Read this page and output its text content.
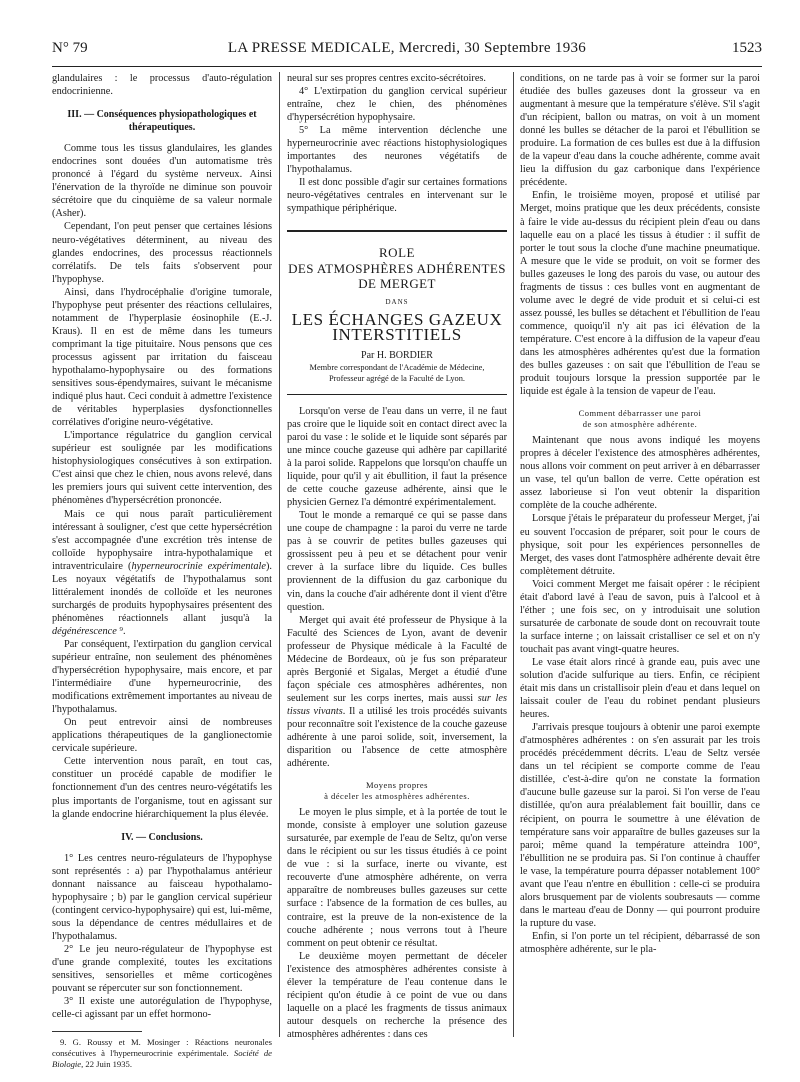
N° 79	LA PRESSE MEDICALE, Mercredi, 30 Septembre 1936	1523

glandulaires : le processus d'auto-régulation endocrinienne.

III. — Conséquences physiopathologiques et thérapeutiques.

Comme tous les tissus glandulaires, les glandes endocrines sont douées d'un automatisme très prononcé à l'égard du système nerveux. Ainsi l'énervation de la thyroïde ne diminue son pouvoir sécrétoire que du cinquième de sa valeur normale (Asher).

Cependant, l'on peut penser que certaines lésions neuro-végétatives déterminent, au niveau des glandes endocrines, des processus réactionnels corrélatifs. De tels faits s'observent pour l'hypophyse.

Ainsi, dans l'hydrocéphalie d'origine tumorale, l'hypophyse peut présenter des réactions cellulaires, notamment de l'hyperplasie éosinophile (E.-J. Kraus). Il en est de même dans les tumeurs comprimant la tige pituitaire. Nous pensons que ces processus agissent par irritation du faisceau hypothalamo-hypophysaire ou des formations sensitives sous-épendymaires, suivant le mécanisme indiqué plus haut. Ceci conduit à admettre l'existence de véritables hyperplasies dysfonctionnelles corrélatives d'origine neuro-végétative.

L'importance régulatrice du ganglion cervical supérieur est soulignée par les modifications histophysiologiques consécutives à son extirpation. C'est ainsi que chez le chien, nous avons relevé, dans les premiers jours qui suivent cette intervention, des phénomènes d'hypersécrétion prononcée.

Mais ce qui nous paraît particulièrement intéressant à souligner, c'est que cette hypersécrétion s'est accompagnée d'une excrétion très intense de colloïde hypophysaire intra-hypothalamique et intraventriculaire (hyperneurocrinie expérimentale). Les noyaux végétatifs de l'hypothalamus sont littéralement inondés de colloïde et les neurones surchargés de produits hypophysaires présentent des phénomènes réactionnels allant jusqu'à la dégénérescence ⁹.

Par conséquent, l'extirpation du ganglion cervical supérieur entraîne, non seulement des phénomènes d'hypersécrétion hypophysaire, mais encore, et par l'intermédiaire d'une hyperneurocrinie, des modifications extrêmement importantes au niveau de l'hypothalamus.

On peut entrevoir ainsi de nombreuses applications thérapeutiques de la ganglionectomie cervicale supérieure.

Cette intervention nous paraît, en tout cas, constituer un procédé capable de modifier le fonctionnement d'un des centres neuro-végétatifs les plus importants de l'organisme, tout en agissant sur la glande endocrine hiérarchiquement la plus élevée.

IV. — Conclusions.

1° Les centres neuro-régulateurs de l'hypophyse sont représentés : a) par l'hypothalamus antérieur donnant naissance au faisceau hypothalamo-hypophysaire ; b) par le ganglion cervical supérieur (contingent cervico-hypophysaire) qui est, lui-même, sous la dépendance de centres médullaires et de l'hypothalamus.

2° Le jeu neuro-régulateur de l'hypophyse est d'une grande complexité, toutes les excitations sensitives, sensorielles et même corticogènes pouvant se répercuter sur son fonctionnement.

3° Il existe une autorégulation de l'hypophyse, celle-ci agissant par un effet hormono-

9. G. Roussy et M. Mosinger : Réactions neuronales consécutives à l'hyperneurocrinie expérimentale. Société de Biologie, 22 Juin 1935.

neural sur ses propres centres excito-sécrétoires.

4° L'extirpation du ganglion cervical supérieur entraîne, chez le chien, des phénomènes d'hypersécrétion hypophysaire.

5° La même intervention déclenche une hyperneurocrinie avec réactions histophysiologiques importantes des neurones végétatifs de l'hypothalamus.

Il est donc possible d'agir sur certaines formations neuro-végétatives centrales en intervenant sur le sympathique périphérique.

ROLE
DES ATMOSPHÈRES ADHÉRENTES
DE MERGET
DANS
LES ÉCHANGES GAZEUX
INTERSTITIELS
Par H. BORDIER
Membre correspondant de l'Académie de Médecine,
Professeur agrégé de la Faculté de Lyon.

Lorsqu'on verse de l'eau dans un verre, il ne faut pas croire que le liquide soit en contact direct avec la paroi du vase : le solide et le liquide sont séparés par une mince couche gazeuse qui adhère par capillarité à la paroi solide. Rappelons que lorsqu'on chauffe un liquide, pour qu'il y ait ébullition, il faut la présence de cette couche gazeuse adhérente, ainsi que le physicien Gernez l'a démontré expérimentalement.

Tout le monde a remarqué ce qui se passe dans une coupe de champagne : la paroi du verre ne tarde pas à se couvrir de petites bulles gazeuses qui grossissent peu à peu et se détachent pour venir crever à la surface libre du liquide. Ces bulles proviennent de la diffusion du gaz carbonique du vin, dans la couche d'air adhérente dont il vient d'être question.

Merget qui avait été professeur de Physique à la Faculté des Sciences de Lyon, avant de devenir professeur de Physique médicale à la Faculté de Médecine de Bordeaux, où je fus son préparateur après Bergonié et Sigalas, Merget a étudié d'une façon spéciale ces atmosphères adhérentes, non seulement sur les corps inertes, mais aussi sur les tissus vivants. Il a utilisé les trois procédés suivants pour reconnaître soit l'existence de la couche gazeuse adhérente à une paroi solide, soit, inversement, la disparition ou l'absence de cette atmosphère adhérente.

Moyens propres
à déceler les atmosphères adhérentes.

Le moyen le plus simple, et à la portée de tout le monde, consiste à employer une solution gazeuse sursaturée, par exemple de l'eau de Seltz, qu'on verse dans le récipient ou sur les tissus étudiés à ce point de vue : si la surface, inerte ou vivante, est recouverte d'une atmosphère adhérente, on verra apparaître de nombreuses bulles gazeuses sur cette surface : l'absence de la formation de ces bulles, au contraire, est la preuve de la non-existence de la couche adhérente ; nous verrons tout à l'heure comment on peut obtenir ce résultat.

Le deuxième moyen permettant de déceler l'existence des atmosphères adhérentes consiste à élever la température de l'eau contenue dans le récipient qu'on étudie à ce point de vue ou dans laquelle on a placé les fragments de tissus animaux autour desquels on recherche la présence des atmosphères adhérentes : dans ces

conditions, on ne tarde pas à voir se former sur la paroi étudiée des bulles gazeuses dont la grosseur va en augmentant à mesure que la température s'élève. S'il s'agit d'un récipient, ballon ou matras, on voit à un moment donné les bulles se détacher de la paroi et l'ébullition se produire. La formation de ces bulles est due à la diffusion de la vapeur d'eau dans la couche adhérente, comme avait lieu la diffusion du gaz carbonique dans l'expérience précédente.

Enfin, le troisième moyen, proposé et utilisé par Merget, moins pratique que les deux précédents, consiste à faire le vide au-dessus du récipient plein d'eau ou dans laquelle eau on a placé les tissus à étudier : il suffit de porter le tout sous la cloche d'une machine pneumatique. A mesure que le vide se produit, on voit se former des bulles gazeuses le long des parois du vase, ou autour des fragments de tissus : ces bulles vont en augmentant de volume avec le degré de vide produit et si celui-ci est assez poussé, les bulles se détachent et l'ébullition de l'eau commence, quoiqu'il n'y ait pas ici élévation de la température. C'est encore à la diffusion de la vapeur d'eau dans les atmosphères adhérentes qu'est due la formation des bulles gazeuses : on sait que l'ébullition de l'eau se produit toujours lorsque la pression supportée par le liquide est égale à la tension de vapeur de l'eau.

Comment débarrasser une paroi
de son atmosphère adhérente.

Maintenant que nous avons indiqué les moyens propres à déceler l'existence des atmosphères adhérentes, nous allons voir comment on peut arriver à en débarrasser un vase, tel qu'un ballon de verre. Cette opération est assez laborieuse si l'on veut obtenir la disparition complète de la couche adhérente.

Lorsque j'étais le préparateur du professeur Merget, j'ai eu souvent l'occasion de préparer, soit pour le cours de physique, soit pour les expériences personnelles de Merget, des vases dont l'atmosphère adhérente devait être complètement détruite.

Voici comment Merget me faisait opérer : le récipient était d'abord lavé à l'eau de savon, puis à l'alcool et à l'éther ; une fois sec, on y introduisait une solution sursaturée de carbonate de soude dont on recouvrait toute la surface interne ; on laissait cristalliser ce sel et on n'y touchait pas avant vingt-quatre heures.

Le vase était alors rincé à grande eau, puis avec une solution d'acide sulfurique au tiers. Enfin, ce récipient était mis dans un cristallisoir plein d'eau et dans lequel on laissait couler de l'eau du robinet pendant plusieurs heures.

J'arrivais presque toujours à obtenir une paroi exempte d'atmosphères adhérentes : on s'en assurait par les trois procédés précédemment décrits. L'eau de Seltz versée dans un tel récipient se comporte comme de l'eau distillée, c'est-à-dire qu'on ne constate la formation d'aucune bulle gazeuse sur la paroi. Si l'on verse de l'eau distillée, qu'on aura préalablement fait bouillir, dans ce récipient, on pourra le soumettre à une élévation de température sans voir apparaître de bulles gazeuses sur la paroi; même quand la température atteindra 100°, l'ébullition ne se produira pas. Si l'on continue à chauffer le vase, la température pourra dépasser notablement 100° avant que l'eau n'entre en ébullition : celle-ci se produira alors brusquement par de violents soubresauts — comme dans le marteau d'eau de Donny — qui pourront produire la rupture du vase.

Enfin, si l'on porte un tel récipient, débarrassé de son atmosphère adhérente, sur le pla-
